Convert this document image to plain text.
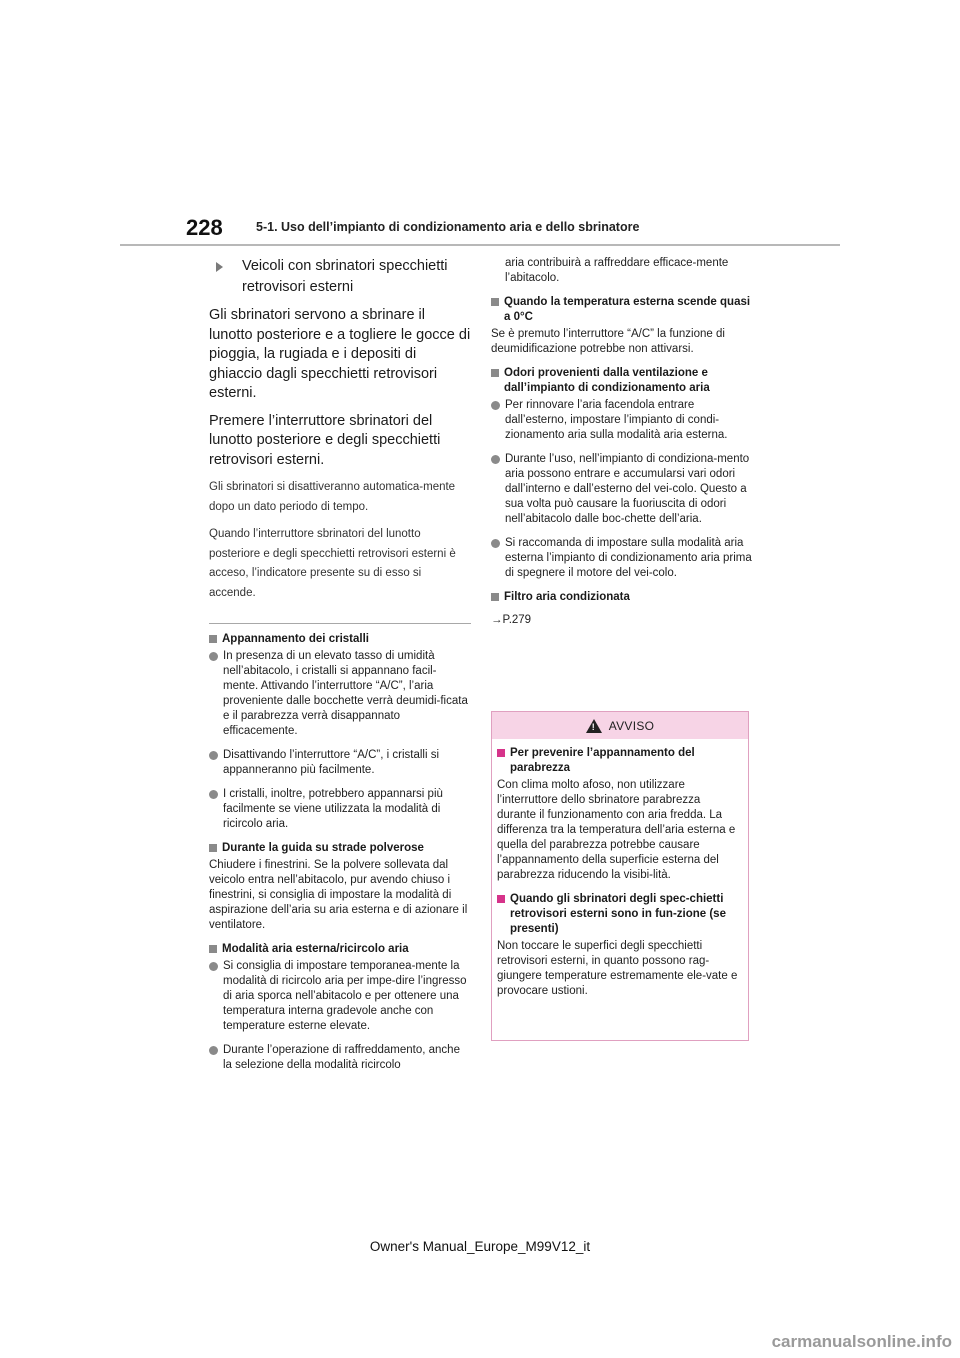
228	5-1. Uso dell’impianto di condizionamento aria e dello sbrinatore
Veicoli con sbrinatori specchietti retrovisori esterni

Gli sbrinatori servono a sbrinare il lunotto posteriore e a togliere le gocce di pioggia, la rugiada e i depositi di ghiaccio dagli specchietti retrovisori esterni.

Premere l’interruttore sbrinatori del lunotto posteriore e degli specchietti retrovisori esterni.

Gli sbrinatori si disattiveranno automatica-mente dopo un dato periodo di tempo.

Quando l’interruttore sbrinatori del lunotto posteriore e degli specchietti retrovisori esterni è acceso, l’indicatore presente su di esso si accende.

Appannamento dei cristalli
In presenza di un elevato tasso di umidità nell’abitacolo, i cristalli si appannano facil-mente. Attivando l’interruttore “A/C”, l’aria proveniente dalle bocchette verrà deumidi-ficata e il parabrezza verrà disappannato efficacemente.
Disattivando l’interruttore “A/C”, i cristalli si appanneranno più facilmente.
I cristalli, inoltre, potrebbero appannarsi più facilmente se viene utilizzata la modalità di ricircolo aria.
Durante la guida su strade polverose

Chiudere i finestrini. Se la polvere sollevata dal veicolo entra nell’abitacolo, pur avendo chiuso i finestrini, si consiglia di impostare la modalità di aspirazione dell’aria su aria esterna e di azionare il ventilatore.

Modalità aria esterna/ricircolo aria
Si consiglia di impostare temporanea-mente la modalità di ricircolo aria per impe-dire l’ingresso di aria sporca nell’abitacolo e per ottenere una temperatura interna gradevole anche con temperature esterne elevate.
Durante l’operazione di raffreddamento, anche la selezione della modalità ricircolo

aria contribuirà a raffreddare efficace-mente l’abitacolo.

Quando la temperatura esterna scende quasi a 0°C

Se è premuto l’interruttore “A/C” la funzione di deumidificazione potrebbe non attivarsi.

Odori provenienti dalla ventilazione e dall’impianto di condizionamento aria
Per rinnovare l’aria facendola entrare dall’esterno, impostare l’impianto di condi-zionamento aria sulla modalità aria esterna.
Durante l’uso, nell’impianto di condiziona-mento aria possono entrare e accumularsi vari odori dall’interno e dall’esterno del vei-colo. Questo a sua volta può causare la fuoriuscita di odori nell’abitacolo dalle boc-chette dell’aria.
Si raccomanda di impostare sulla modalità aria esterna l’impianto di condizionamento aria prima di spegnere il motore del vei-colo.
Filtro aria condizionata

→P.279

! AVVISO
Per prevenire l’appannamento del parabrezza

Con clima molto afoso, non utilizzare l’interruttore dello sbrinatore parabrezza durante il funzionamento con aria fredda. La differenza tra la temperatura dell’aria esterna e quella del parabrezza potrebbe causare l’appannamento della superficie esterna del parabrezza riducendo la visibi-lità.

Quando gli sbrinatori degli spec-chietti retrovisori esterni sono in fun-zione (se presenti)

Non toccare le superfici degli specchietti retrovisori esterni, in quanto possono rag-giungere temperature estremamente ele-vate e provocare ustioni.

Owner's Manual_Europe_M99V12_it
carmanualsonline.info
